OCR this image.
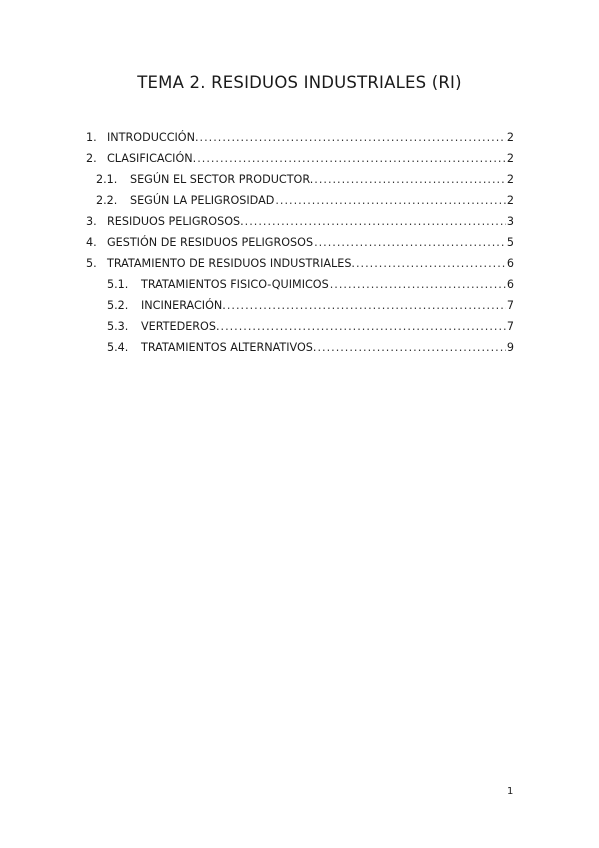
TEMA 2. RESIDUOS INDUSTRIALES (RI)
1. INTRODUCCIÓN. .....	2
2. CLASIFICACIÓN. .....	2
2.1.	SEGÚN EL SECTOR PRODUCTOR. .....	2
2.2.	SEGÚN LA PELIGROSIDAD .....	2
3. RESIDUOS PELIGROSOS. .....	3
4. GESTIÓN DE RESIDUOS PELIGROSOS .....	5
5. TRATAMIENTO DE RESIDUOS INDUSTRIALES. .....	6
5.1.	TRATAMIENTOS FISICO-QUIMICOS .....	6
5.2.	INCINERACIÓN. .....	7
5.3.	VERTEDEROS. .....	7
5.4.	TRATAMIENTOS ALTERNATIVOS. .....	9
1
